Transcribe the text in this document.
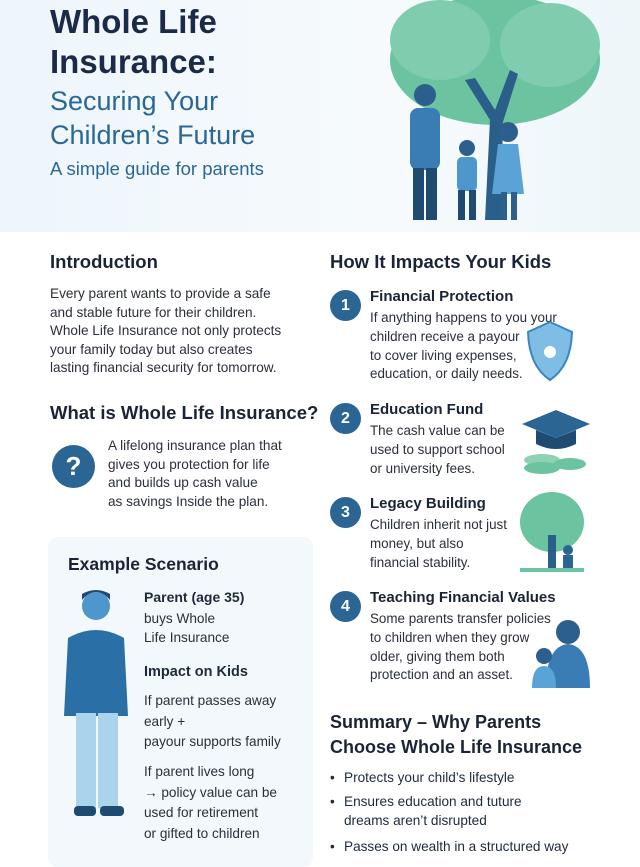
Whole Life
Insurance:
Securing Your
Children’s Future
A simple guide for parents
Introduction
Every parent wants to provide a safe
and stable future for their children.
Whole Life Insurance not only protects
your family today but also creates
lasting financial security for tomorrow.
What is Whole Life Insurance?
?
A lifelong insurance plan that
gives you protection for life
and builds up cash value
as savings Inside the plan.
Example Scenario
Parent (age 35)
buys Whole
Life Insurance
Impact on Kids
If parent passes away
early +
payour supports family
If parent lives long
→ policy value can be
used for retirement
or gifted to children
How It Impacts Your Kids
1	Financial Protection
If anything happens to you your
children receive a payour
to cover living expenses,
education, or daily needs.
2	Education Fund
The cash value can be
used to support school
or university fees.
3	Legacy Building
Children inherit not just
money, but also
financial stability.
4	Teaching Financial Values
Some parents transfer policies
to children when they grow
older, giving them both
protection and an asset.
Summary – Why Parents
Choose Whole Life Insurance
• Protects your child’s lifestyle
• Ensures education and tuture
dreams aren’t disrupted
• Passes on wealth in a structured way
